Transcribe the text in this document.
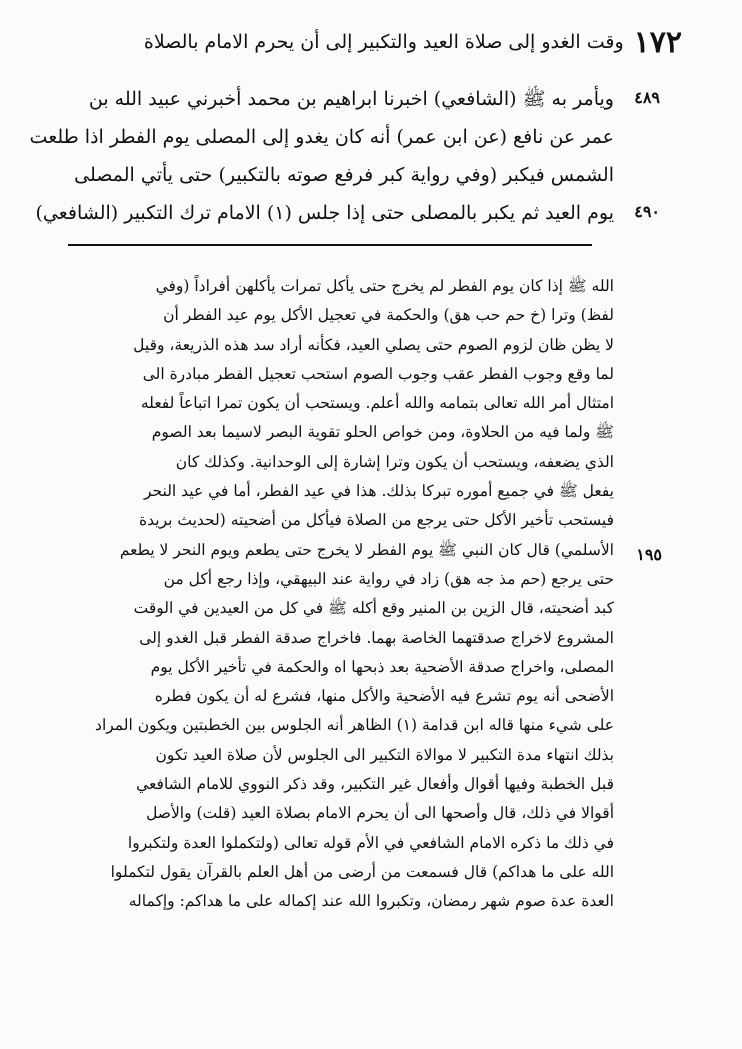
١٧٢
وقت الغدو إلى صلاة العيد والتكبير إلى أن يحرم الامام بالصلاة
٤٨٩
٤٩٠
ويأمر به ﷺ (الشافعي) اخبرنا ابراهيم بن محمد أخبرني عبيد الله بن
عمر عن نافع (عن ابن عمر) أنه كان يغدو إلى المصلى يوم الفطر اذا طلعت
الشمس فيكبر (وفي رواية كبر فرفع صوته بالتكبير) حتى يأتي المصلى
يوم العيد ثم يكبر بالمصلى حتى إذا جلس (١) الامام ترك التكبير (الشافعي)
١٩٥
الله ﷺ إذا كان يوم الفطر لم يخرج حتى يأكل تمرات يأكلهن أفراداً (وفي
لفظ) وترا (خ حم حب هق) والحكمة في تعجيل الأكل يوم عيد الفطر أن
لا يظن ظان لزوم الصوم حتى يصلي العيد، فكأنه أراد سد هذه الذريعة، وقيل
لما وقع وجوب الفطر عقب وجوب الصوم استحب تعجيل الفطر مبادرة الى
امتثال أمر الله تعالى بتمامه والله أعلم. ويستحب أن يكون تمرا اتباعاً لفعله
ﷺ ولما فيه من الحلاوة، ومن خواص الحلو تقوية البصر لاسيما بعد الصوم
الذي يضعفه، ويستحب أن يكون وترا إشارة إلى الوحدانية. وكذلك كان
يفعل ﷺ في جميع أموره تبركا بذلك. هذا في عيد الفطر، أما في عيد النحر
فيستحب تأخير الأكل حتى يرجع من الصلاة فيأكل من أضحيته (لحديث بريدة
الأسلمي) قال كان النبي ﷺ يوم الفطر لا يخرج حتى يطعم ويوم النحر لا يطعم
حتى يرجع (حم مذ جه هق) زاد في رواية عند البيهقي، وإذا رجع أكل من
كبد أضحيته، قال الزين بن المنير وقع أكله ﷺ في كل من العيدين في الوقت
المشروع لاخراج صدقتهما الخاصة بهما. فاخراج صدقة الفطر قبل الغدو إلى
المصلى، واخراج صدقة الأضحية بعد ذبحها اه والحكمة في تأخير الأكل يوم
الأضحى أنه يوم تشرع فيه الأضحية والأكل منها، فشرع له أن يكون فطره
على شيء منها قاله ابن قدامة (١) الظاهر أنه الجلوس بين الخطبتين ويكون المراد
بذلك انتهاء مدة التكبير لا موالاة التكبير الى الجلوس لأن صلاة العيد تكون
قبل الخطبة وفيها أقوال وأفعال غير التكبير، وقد ذكر النووي للامام الشافعي
أقوالا في ذلك، قال وأصحها الى أن يحرم الامام بصلاة العيد (قلت) والأصل
في ذلك ما ذكره الامام الشافعي في الأم قوله تعالى (ولتكملوا العدة ولتكبروا
الله على ما هداكم) قال فسمعت من أرضى من أهل العلم بالقرآن يقول لتكملوا
العدة عدة صوم شهر رمضان، وتكبروا الله عند إكماله على ما هداكم: وإكماله
